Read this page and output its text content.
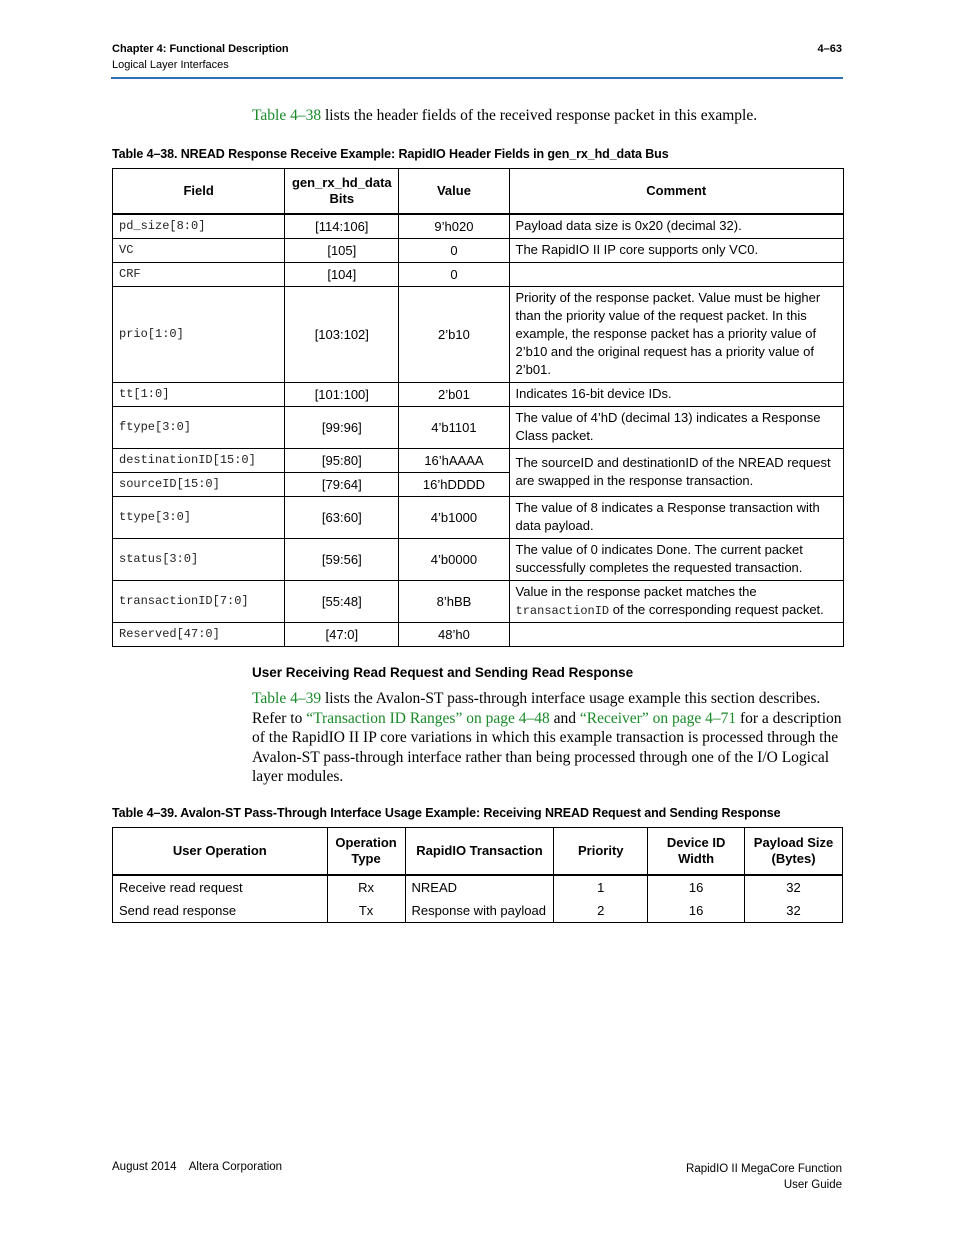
Chapter 4: Functional Description
Logical Layer Interfaces
4–63
Table 4–38 lists the header fields of the received response packet in this example.
Table 4–38. NREAD Response Receive Example: RapidIO Header Fields in gen_rx_hd_data Bus
Field	gen_rx_hd_data Bits	Value	Comment
pd_size[8:0]	[114:106]	9’h020	Payload data size is 0x20 (decimal 32).
VC	[105]	0	The RapidIO II IP core supports only VC0.
CRF	[104]	0	
prio[1:0]	[103:102]	2’b10	Priority of the response packet. Value must be higher than the priority value of the request packet. In this example, the response packet has a priority value of 2’b10 and the original request has a priority value of 2’b01.
tt[1:0]	[101:100]	2’b01	Indicates 16-bit device IDs.
ftype[3:0]	[99:96]	4’b1101	The value of 4’hD (decimal 13) indicates a Response Class packet.
destinationID[15:0]	[95:80]	16’hAAAA	The sourceID and destinationID of the NREAD request are swapped in the response transaction.
sourceID[15:0]	[79:64]	16’hDDDD	
ttype[3:0]	[63:60]	4’b1000	The value of 8 indicates a Response transaction with data payload.
status[3:0]	[59:56]	4’b0000	The value of 0 indicates Done. The current packet successfully completes the requested transaction.
transactionID[7:0]	[55:48]	8’hBB	Value in the response packet matches the transactionID of the corresponding request packet.
Reserved[47:0]	[47:0]	48’h0	
User Receiving Read Request and Sending Read Response
Table 4–39 lists the Avalon-ST pass-through interface usage example this section describes. Refer to “Transaction ID Ranges” on page 4–48 and “Receiver” on page 4–71 for a description of the RapidIO II IP core variations in which this example transaction is processed through the Avalon-ST pass-through interface rather than being processed through one of the I/O Logical layer modules.
Table 4–39. Avalon-ST Pass-Through Interface Usage Example: Receiving NREAD Request and Sending Response
User Operation	Operation Type	RapidIO Transaction	Priority	Device ID Width	Payload Size (Bytes)
Receive read request	Rx	NREAD	1	16	32
Send read response	Tx	Response with payload	2	16	32
August 2014    Altera Corporation	RapidIO II MegaCore Function
User Guide
